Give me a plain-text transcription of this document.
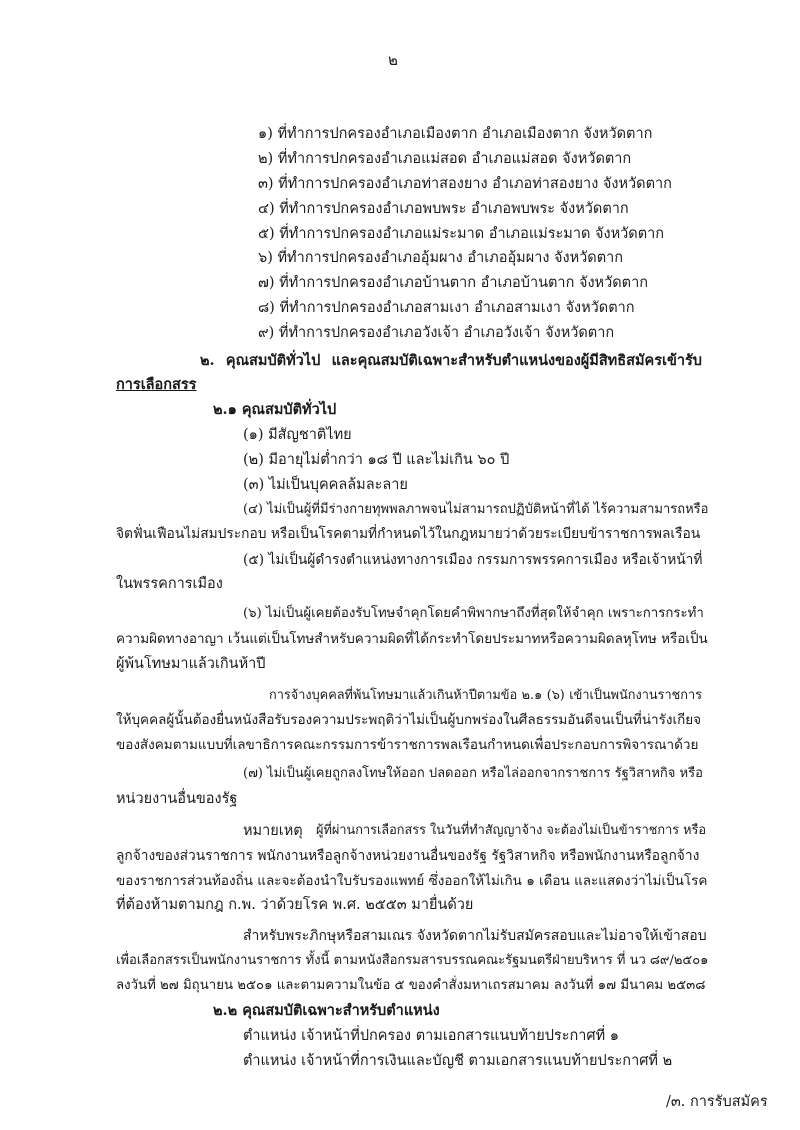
๒
๑) ที่ทำการปกครองอำเภอเมืองตาก อำเภอเมืองตาก จังหวัดตาก
๒) ที่ทำการปกครองอำเภอแม่สอด อำเภอแม่สอด จังหวัดตาก
๓) ที่ทำการปกครองอำเภอท่าสองยาง อำเภอท่าสองยาง จังหวัดตาก
๔) ที่ทำการปกครองอำเภอพบพระ อำเภอพบพระ จังหวัดตาก
๕) ที่ทำการปกครองอำเภอแม่ระมาด อำเภอแม่ระมาด จังหวัดตาก
๖) ที่ทำการปกครองอำเภออุ้มผาง อำเภออุ้มผาง จังหวัดตาก
๗) ที่ทำการปกครองอำเภอบ้านตาก อำเภอบ้านตาก จังหวัดตาก
๘) ที่ทำการปกครองอำเภอสามเงา อำเภอสามเงา จังหวัดตาก
๙) ที่ทำการปกครองอำเภอวังเจ้า อำเภอวังเจ้า จังหวัดตาก
๒. คุณสมบัติทั่วไป และคุณสมบัติเฉพาะสำหรับตำแหน่งของผู้มีสิทธิสมัครเข้ารับ
การเลือกสรร
๒.๑ คุณสมบัติทั่วไป
(๑) มีสัญชาติไทย
(๒) มีอายุไม่ต่ำกว่า ๑๘ ปี และไม่เกิน ๖๐ ปี
(๓) ไม่เป็นบุคคลล้มละลาย
(๔) ไม่เป็นผู้ที่มีร่างกายทุพพลภาพจนไม่สามารถปฏิบัติหน้าที่ได้ ไร้ความสามารถหรือ
จิตฟั่นเฟือนไม่สมประกอบ หรือเป็นโรคตามที่กำหนดไว้ในกฎหมายว่าด้วยระเบียบข้าราชการพลเรือน
(๕) ไม่เป็นผู้ดำรงตำแหน่งทางการเมือง กรรมการพรรคการเมือง หรือเจ้าหน้าที่
ในพรรคการเมือง
(๖) ไม่เป็นผู้เคยต้องรับโทษจำคุกโดยคำพิพากษาถึงที่สุดให้จำคุก เพราะการกระทำ
ความผิดทางอาญา เว้นแต่เป็นโทษสำหรับความผิดที่ได้กระทำโดยประมาทหรือความผิดลหุโทษ หรือเป็น
ผู้พ้นโทษมาแล้วเกินห้าปี
การจ้างบุคคลที่พ้นโทษมาแล้วเกินห้าปีตามข้อ ๒.๑ (๖) เข้าเป็นพนักงานราชการ
ให้บุคคลผู้นั้นต้องยื่นหนังสือรับรองความประพฤติว่าไม่เป็นผู้บกพร่องในศีลธรรมอันดีจนเป็นที่น่ารังเกียจ
ของสังคมตามแบบที่เลขาธิการคณะกรรมการข้าราชการพลเรือนกำหนดเพื่อประกอบการพิจารณาด้วย
(๗) ไม่เป็นผู้เคยถูกลงโทษให้ออก ปลดออก หรือไล่ออกจากราชการ รัฐวิสาหกิจ หรือ
หน่วยงานอื่นของรัฐ
หมายเหตุ ผู้ที่ผ่านการเลือกสรร ในวันที่ทำสัญญาจ้าง จะต้องไม่เป็นข้าราชการ หรือ
ลูกจ้างของส่วนราชการ พนักงานหรือลูกจ้างหน่วยงานอื่นของรัฐ รัฐวิสาหกิจ หรือพนักงานหรือลูกจ้าง
ของราชการส่วนท้องถิ่น และจะต้องนำใบรับรองแพทย์ ซึ่งออกให้ไม่เกิน ๑ เดือน และแสดงว่าไม่เป็นโรค
ที่ต้องห้ามตามกฎ ก.พ. ว่าด้วยโรค พ.ศ. ๒๕๕๓ มายื่นด้วย
สำหรับพระภิกษุหรือสามเณร จังหวัดตากไม่รับสมัครสอบและไม่อาจให้เข้าสอบ
เพื่อเลือกสรรเป็นพนักงานราชการ ทั้งนี้ ตามหนังสือกรมสารบรรณคณะรัฐมนตรีฝ่ายบริหาร ที่ นว ๘๙/๒๕๐๑
ลงวันที่ ๒๗ มิถุนายน ๒๕๐๑ และตามความในข้อ ๕ ของคำสั่งมหาเถรสมาคม ลงวันที่ ๑๗ มีนาคม ๒๕๓๘
๒.๒ คุณสมบัติเฉพาะสำหรับตำแหน่ง
ตำแหน่ง เจ้าหน้าที่ปกครอง ตามเอกสารแนบท้ายประกาศที่ ๑
ตำแหน่ง เจ้าหน้าที่การเงินและบัญชี ตามเอกสารแนบท้ายประกาศที่ ๒
/๓. การรับสมัคร
